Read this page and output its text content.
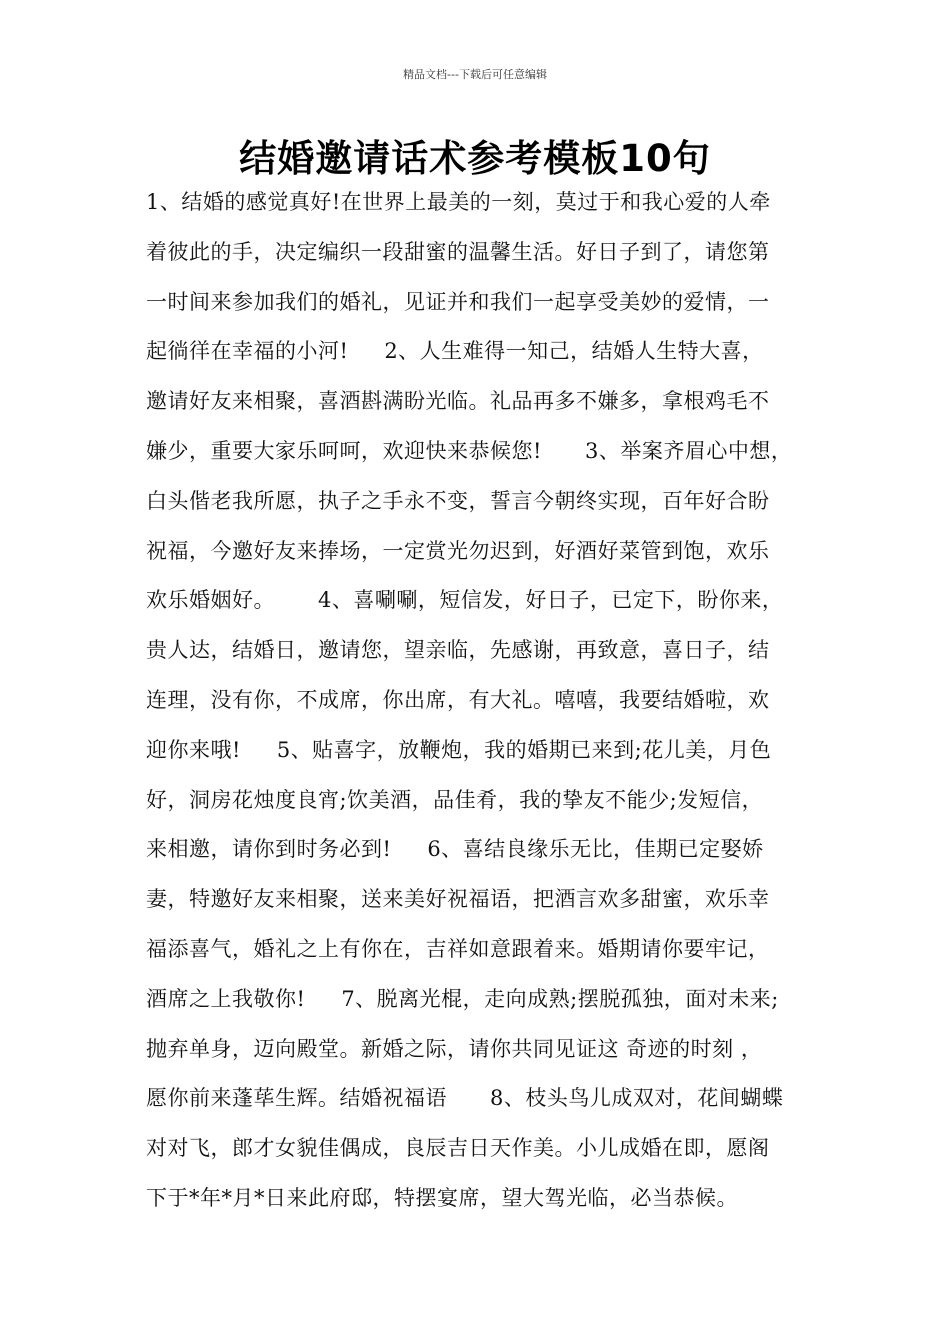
精品文档---下载后可任意编辑
结婚邀请话术参考模板10句
1、结婚的感觉真好!在世界上最美的一刻，莫过于和我心爱的人牵
着彼此的手，决定编织一段甜蜜的温馨生活。好日子到了，请您第
一时间来参加我们的婚礼，见证并和我们一起享受美妙的爱情，一
起徜徉在幸福的小河!     2、人生难得一知己，结婚人生特大喜，
邀请好友来相聚，喜酒斟满盼光临。礼品再多不嫌多，拿根鸡毛不
嫌少，重要大家乐呵呵，欢迎快来恭候您!      3、举案齐眉心中想，
白头偕老我所愿，执子之手永不变，誓言今朝终实现，百年好合盼
祝福，今邀好友来捧场，一定赏光勿迟到，好酒好菜管到饱，欢乐
欢乐婚姻好。      4、喜唰唰，短信发，好日子，已定下，盼你来，
贵人达，结婚日，邀请您，望亲临，先感谢，再致意，喜日子，结
连理，没有你，不成席，你出席，有大礼。嘻嘻，我要结婚啦，欢
迎你来哦!     5、贴喜字，放鞭炮，我的婚期已来到;花儿美，月色
好，洞房花烛度良宵;饮美酒，品佳肴，我的挚友不能少;发短信，
来相邀，请你到时务必到!     6、喜结良缘乐无比，佳期已定娶娇
妻，特邀好友来相聚，送来美好祝福语，把酒言欢多甜蜜，欢乐幸
福添喜气，婚礼之上有你在，吉祥如意跟着来。婚期请你要牢记，
酒席之上我敬你!     7、脱离光棍，走向成熟;摆脱孤独，面对未来;
抛弃单身，迈向殿堂。新婚之际，请你共同见证这 奇迹的时刻 ，
愿你前来蓬荜生辉。结婚祝福语      8、枝头鸟儿成双对，花间蝴蝶
对对飞，郎才女貌佳偶成，良辰吉日天作美。小儿成婚在即，愿阁
下于*年*月*日来此府邸，特摆宴席，望大驾光临，必当恭候。
